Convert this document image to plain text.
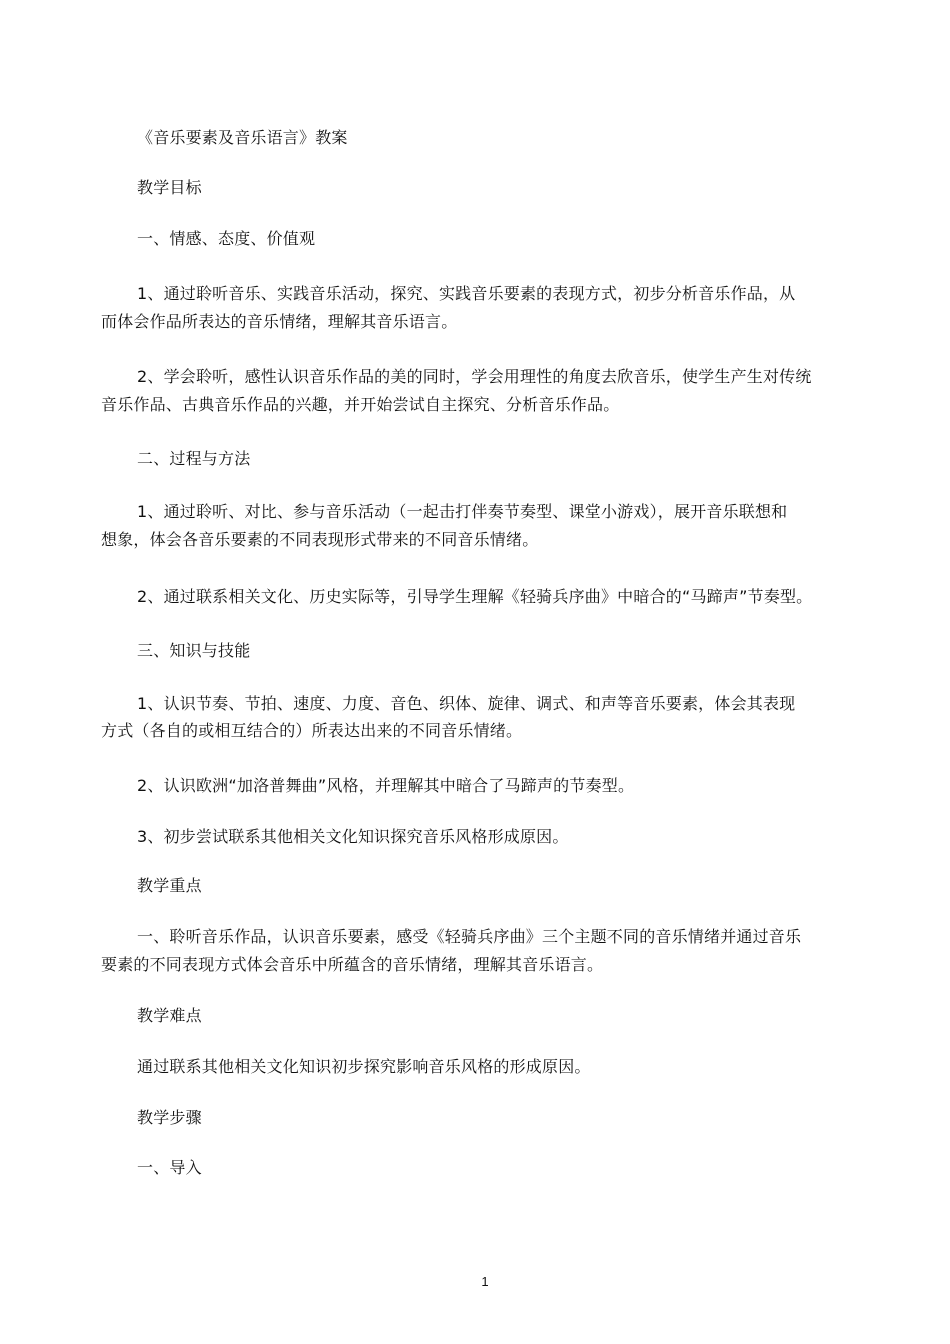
《音乐要素及音乐语言》教案
教学目标
一、情感、态度、价值观
1、通过聆听音乐、实践音乐活动，探究、实践音乐要素的表现方式，初步分析音乐作品，从
而体会作品所表达的音乐情绪，理解其音乐语言。
2、学会聆听，感性认识音乐作品的美的同时，学会用理性的角度去欣音乐，使学生产生对传统
音乐作品、古典音乐作品的兴趣，并开始尝试自主探究、分析音乐作品。
二、过程与方法
1、通过聆听、对比、参与音乐活动（一起击打伴奏节奏型、课堂小游戏），展开音乐联想和
想象，体会各音乐要素的不同表现形式带来的不同音乐情绪。
2、通过联系相关文化、历史实际等，引导学生理解《轻骑兵序曲》中暗合的“马蹄声”节奏型。
三、知识与技能
1、认识节奏、节拍、速度、力度、音色、织体、旋律、调式、和声等音乐要素，体会其表现
方式（各自的或相互结合的）所表达出来的不同音乐情绪。
2、认识欧洲“加洛普舞曲”风格，并理解其中暗合了马蹄声的节奏型。
3、初步尝试联系其他相关文化知识探究音乐风格形成原因。
教学重点
一、聆听音乐作品，认识音乐要素，感受《轻骑兵序曲》三个主题不同的音乐情绪并通过音乐
要素的不同表现方式体会音乐中所蕴含的音乐情绪，理解其音乐语言。
教学难点
通过联系其他相关文化知识初步探究影响音乐风格的形成原因。
教学步骤
一、导入
1
